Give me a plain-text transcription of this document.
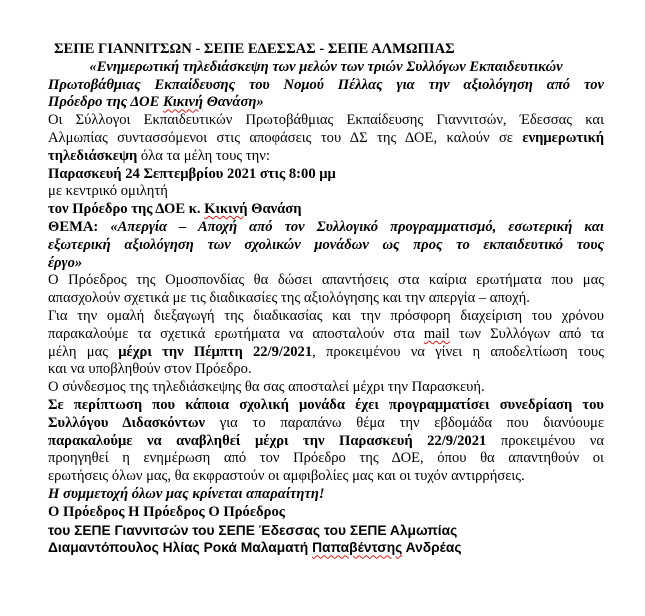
ΣΕΠΕ ΓΙΑΝΝΙΤΣΩΝ - ΣΕΠΕ ΕΔΕΣΣΑΣ - ΣΕΠΕ ΑΛΜΩΠΙΑΣ
«Ενημερωτική τηλεδιάσκεψη των μελών των τριών Συλλόγων Εκπαιδευτικών
Πρωτοβάθμιας Εκπαίδευσης του Νομού Πέλλας για την αξιολόγηση από τον
Πρόεδρο της ΔΟΕ Κικινή Θανάση»
Οι Σύλλογοι Εκπαιδευτικών Πρωτοβάθμιας Εκπαίδευσης Γιαννιτσών, Έδεσσας και
Αλμωπίας συντασσόμενοι στις αποφάσεις του ΔΣ της ΔΟΕ, καλούν σε ενημερωτική
τηλεδιάσκεψη όλα τα μέλη τους την:
Παρασκευή 24 Σεπτεμβρίου 2021 στις 8:00 μμ
με κεντρικό ομιλητή
τον Πρόεδρο της ΔΟΕ κ. Κικινή Θανάση
ΘΕΜΑ: «Απεργία – Αποχή από τον Συλλογικό προγραμματισμό, εσωτερική και
εξωτερική αξιολόγηση των σχολικών μονάδων ως προς το εκπαιδευτικό τους
έργο»
Ο Πρόεδρος της Ομοσπονδίας θα δώσει απαντήσεις στα καίρια ερωτήματα που μας
απασχολούν σχετικά με τις διαδικασίες της αξιολόγησης και την απεργία – αποχή.
Για την ομαλή διεξαγωγή της διαδικασίας και την πρόσφορη διαχείριση του χρόνου
παρακαλούμε τα σχετικά ερωτήματα να αποσταλούν στα mail των Συλλόγων από τα
μέλη μας μέχρι την Πέμπτη 22/9/2021, προκειμένου να γίνει η αποδελτίωση τους
και να υποβληθούν στον Πρόεδρο.
Ο σύνδεσμος της τηλεδιάσκεψης θα σας αποσταλεί μέχρι την Παρασκευή.
Σε περίπτωση που κάποια σχολική μονάδα έχει προγραμματίσει συνεδρίαση του
Συλλόγου Διδασκόντων για το παραπάνω θέμα την εβδομάδα που διανύουμε
παρακαλούμε να αναβληθεί μέχρι την Παρασκευή 22/9/2021 προκειμένου να
προηγηθεί η ενημέρωση από τον Πρόεδρο της ΔΟΕ, όπου θα απαντηθούν οι
ερωτήσεις όλων μας, θα εκφραστούν οι αμφιβολίες μας και οι τυχόν αντιρρήσεις.
Η συμμετοχή όλων μας κρίνεται απαραίτητη!
Ο Πρόεδρος Η Πρόεδρος Ο Πρόεδρος
του ΣΕΠΕ Γιαννιτσών του ΣΕΠΕ Έδεσσας του ΣΕΠΕ Αλμωπίας
Διαμαντόπουλος Ηλίας Ροκά Μαλαματή Παπαβέντσης Ανδρέας
